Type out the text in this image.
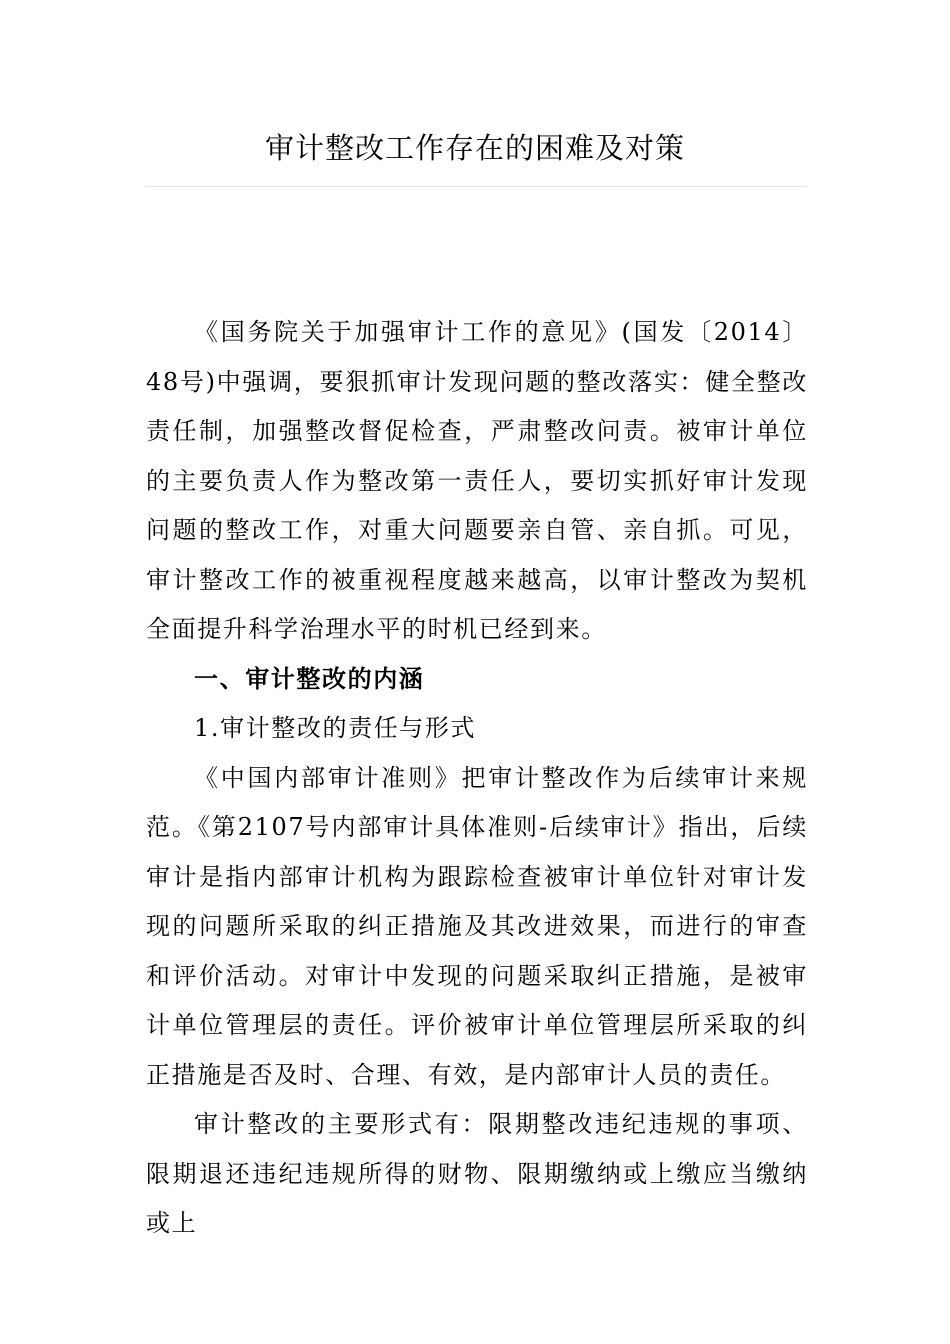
审计整改工作存在的困难及对策

《国务院关于加强审计工作的意见》(国发〔2014〕48号)中强调，要狠抓审计发现问题的整改落实：健全整改责任制，加强整改督促检查，严肃整改问责。被审计单位的主要负责人作为整改第一责任人，要切实抓好审计发现问题的整改工作，对重大问题要亲自管、亲自抓。可见，审计整改工作的被重视程度越来越高，以审计整改为契机全面提升科学治理水平的时机已经到来。

一、审计整改的内涵

1.审计整改的责任与形式

《中国内部审计准则》把审计整改作为后续审计来规范。《第2107号内部审计具体准则-后续审计》指出，后续审计是指内部审计机构为跟踪检查被审计单位针对审计发现的问题所采取的纠正措施及其改进效果，而进行的审查和评价活动。对审计中发现的问题采取纠正措施，是被审计单位管理层的责任。评价被审计单位管理层所采取的纠正措施是否及时、合理、有效，是内部审计人员的责任。

审计整改的主要形式有：限期整改违纪违规的事项、限期退还违纪违规所得的财物、限期缴纳或上缴应当缴纳或上
